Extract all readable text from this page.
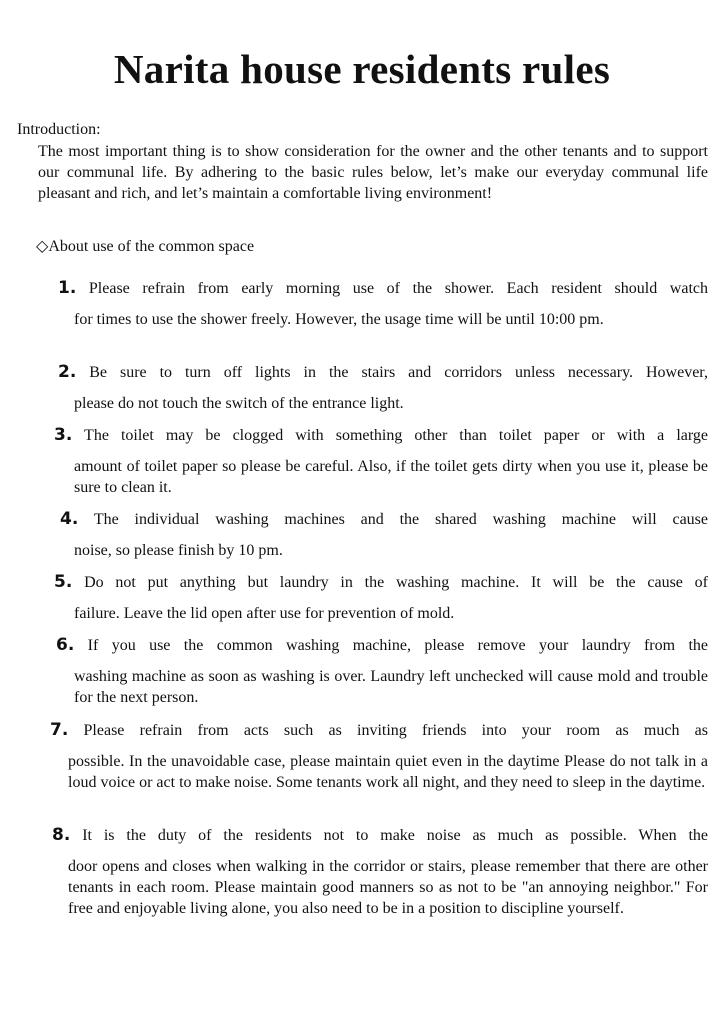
Narita house residents rules
Introduction:
The most important thing is to show consideration for the owner and the other tenants and to support our communal life. By adhering to the basic rules below, let’s make our everyday communal life pleasant and rich, and let’s maintain a comfortable living environment!
◇About use of the common space
1. Please refrain from early morning use of the shower. Each resident should watch
for times to use the shower freely. However, the usage time will be until 10:00 pm.
2. Be sure to turn off lights in the stairs and corridors unless necessary. However,
please do not touch the switch of the entrance light.
3. The toilet may be clogged with something other than toilet paper or with a large
amount of toilet paper so please be careful. Also, if the toilet gets dirty when you use it, please be sure to clean it.
4. The individual washing machines and the shared washing machine will cause
noise, so please finish by 10 pm.
5. Do not put anything but laundry in the washing machine. It will be the cause of
failure. Leave the lid open after use for prevention of mold.
6. If you use the common washing machine, please remove your laundry from the
washing machine as soon as washing is over. Laundry left unchecked will cause mold and trouble for the next person.
7. Please refrain from acts such as inviting friends into your room as much as
possible. In the unavoidable case, please maintain quiet even in the daytime Please do not talk in a loud voice or act to make noise. Some tenants work all night, and they need to sleep in the daytime.
8. It is the duty of the residents not to make noise as much as possible. When the
door opens and closes when walking in the corridor or stairs, please remember that there are other tenants in each room. Please maintain good manners so as not to be "an annoying neighbor." For free and enjoyable living alone, you also need to be in a position to discipline yourself.
